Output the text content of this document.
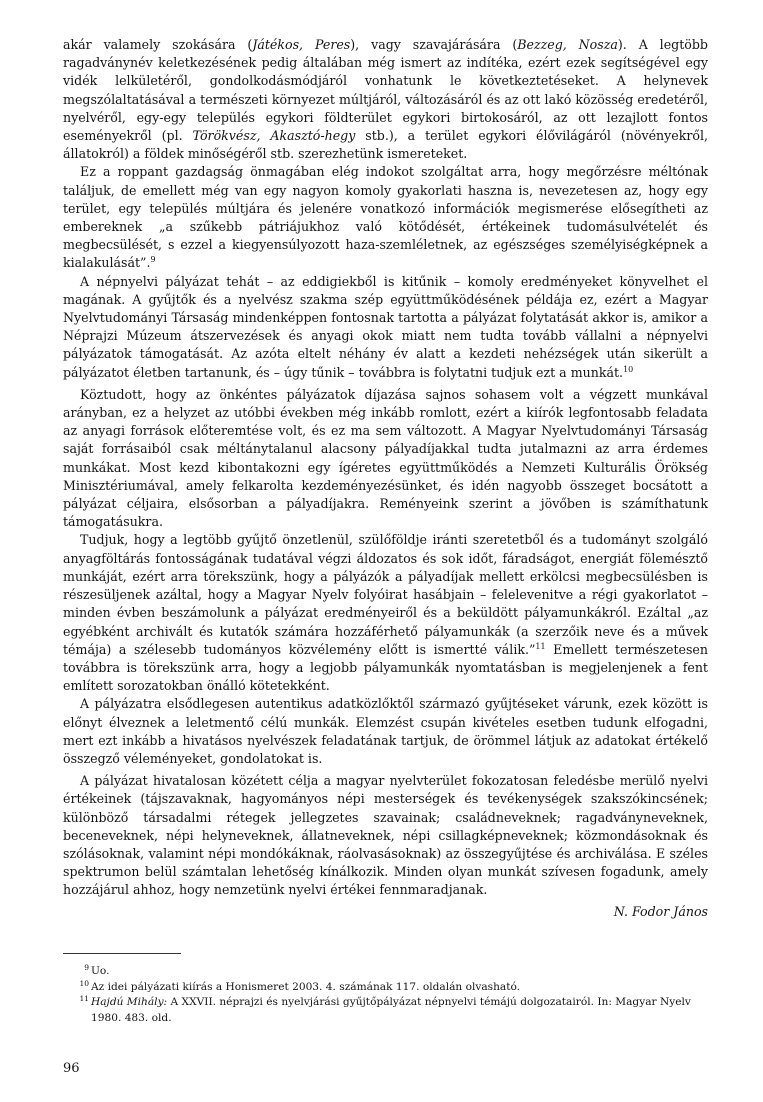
akár valamely szokására (Játékos, Peres), vagy szavajárására (Bezzeg, Nosza). A legtöbb ragadványnév keletkezésének pedig általában még ismert az indítéka, ezért ezek segítségével egy vidék lelkületéről, gondolkodásmódjáról vonhatunk le következtetéseket. A helynevek megszólaltatásával a természeti környezet múltjáról, változásáról és az ott lakó közösség eredetéről, nyelvéről, egy-egy település egykori földterület egykori birtokosáról, az ott lezajlott fontos eseményekről (pl. Törökvész, Akasztó-hegy stb.), a terület egykori élővilágáról (növényekről, állatokról) a földek minőségéről stb. szerezhetünk ismereteket.

Ez a roppant gazdagság önmagában elég indokot szolgáltat arra, hogy megőrzésre méltónak találjuk, de emellett még van egy nagyon komoly gyakorlati haszna is, nevezetesen az, hogy egy terület, egy település múltjára és jelenére vonatkozó információk megismerése elősegítheti az embereknek „a szűkebb pátriájukhoz való kötődését, értékeinek tudomásulvételét és megbecsülését, s ezzel a kiegyensúlyozott haza-szemléletnek, az egészséges személyiségképnek a kialakulását”.$^9$

A népnyelvi pályázat tehát – az eddigiekből is kitűnik – komoly eredményeket könyvelhet el magának. A gyűjtők és a nyelvész szakma szép együttműködésének példája ez, ezért a Magyar Nyelvtudományi Társaság mindenképpen fontosnak tartotta a pályázat folytatását akkor is, amikor a Néprajzi Múzeum átszervezések és anyagi okok miatt nem tudta tovább vállalni a népnyelvi pályázatok támogatását. Az azóta eltelt néhány év alatt a kezdeti nehézségek után sikerült a pályázatot életben tartanunk, és – úgy tűnik – továbbra is folytatni tudjuk ezt a munkát.$^{10}$

Köztudott, hogy az önkéntes pályázatok díjazása sajnos sohasem volt a végzett munkával arányban, ez a helyzet az utóbbi években még inkább romlott, ezért a kiírók legfontosabb feladata az anyagi források előteremtése volt, és ez ma sem változott. A Magyar Nyelvtudományi Társaság saját forrásaiból csak méltánytalanul alacsony pályadíjakkal tudta jutalmazni az arra érdemes munkákat. Most kezd kibontakozni egy ígéretes együttműködés a Nemzeti Kulturális Örökség Minisztériumával, amely felkarolta kezdeményezésünket, és idén nagyobb összeget bocsátott a pályázat céljaira, elsősorban a pályadíjakra. Reményeink szerint a jövőben is számíthatunk támogatásukra.

Tudjuk, hogy a legtöbb gyűjtő önzetlenül, szülőföldje iránti szeretetből és a tudományt szolgáló anyagföltárás fontosságának tudatával végzi áldozatos és sok időt, fáradságot, energiát fölemésztő munkáját, ezért arra törekszünk, hogy a pályázók a pályadíjak mellett erkölcsi megbecsülésben is részesüljenek azáltal, hogy a Magyar Nyelv folyóirat hasábjain – felelevenitve a régi gyakorlatot – minden évben beszámolunk a pályázat eredményeiről és a beküldött pályamunkákról. Ezáltal „az egyébként archivált és kutatók számára hozzáférhető pályamunkák (a szerzőik neve és a művek témája) a szélesebb tudományos közvélemény előtt is ismertté válik.”$^{11}$ Emellett természetesen továbbra is törekszünk arra, hogy a legjobb pályamunkák nyomtatásban is megjelenjenek a fent említett sorozatokban önálló kötetekként.

A pályázatra elsődlegesen autentikus adatközlőktől származó gyűjtéseket várunk, ezek között is előnyt élveznek a leletmentő célú munkák. Elemzést csupán kivételes esetben tudunk elfogadni, mert ezt inkább a hivatásos nyelvészek feladatának tartjuk, de örömmel látjuk az adatokat értékelő összegző véleményeket, gondolatokat is.

A pályázat hivatalosan közétett célja a magyar nyelvterület fokozatosan feledésbe merülő nyelvi értékeinek (tájszavaknak, hagyományos népi mesterségek és tevékenységek szakszókincsének; különböző társadalmi rétegek jellegzetes szavainak; családneveknek; ragadványneveknek, beceneveknek, népi helyneveknek, állatneveknek, népi csillagképneveknek; közmondásoknak és szólásoknak, valamint népi mondókáknak, ráolvasásoknak) az összegyűjtése és archiválása. E széles spektrumon belül számtalan lehetőség kínálkozik. Minden olyan munkát szívesen fogadunk, amely hozzájárul ahhoz, hogy nemzetünk nyelvi értékei fennmaradjanak.

N. Fodor János
$^9$ Uo.
$^{10}$ Az idei pályázati kiírás a Honismeret 2003. 4. számának 117. oldalán olvasható.
$^{11}$ Hajdú Mihály: A XXVII. néprajzi és nyelvjárási gyűjtőpályázat népnyelvi témájú dolgozatairól. In: Magyar Nyelv 1980. 483. old.
96
